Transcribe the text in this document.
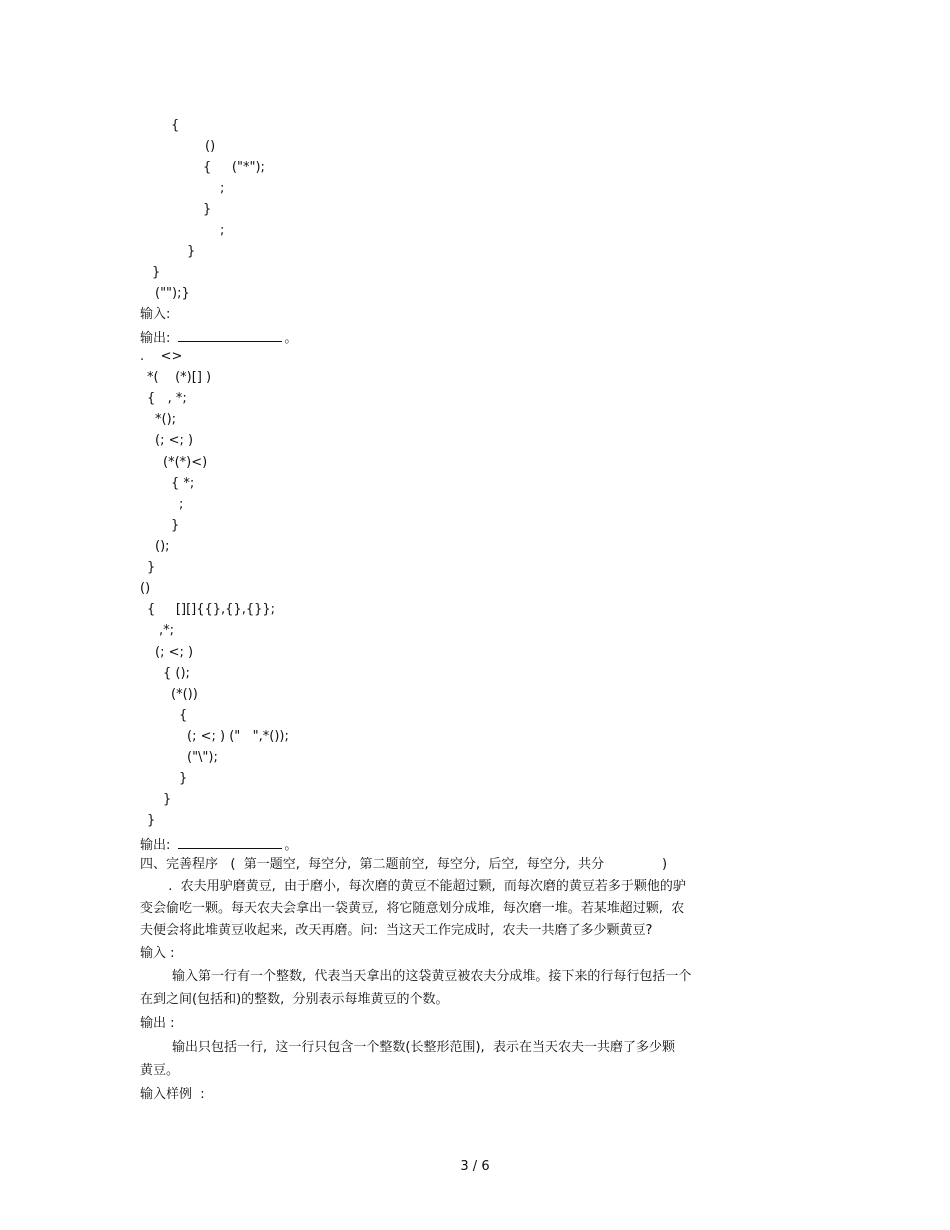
{
()
{     ("*");
;
}
;
}
}
("");}
输入:
输出:	。
.    <>
*(    (*)[] )
{   , *;
*();
(; <; )
(*(*)<)
{ *;
;
}
();
}
()
{     [][]{{},{},{}};
,*;
(; <; )
{ ();
(*())
{
(; <; ) ("   ",*());
("\");
}
}
}
输出:	。
四、完善程序   (  第一题空,  每空分,  第二题前空,  每空分,  后空,  每空分,  共分              )
.  农夫用驴磨黄豆,  由于磨小,  每次磨的黄豆不能超过颗,  而每次磨的黄豆若多于颗他的驴
变会偷吃一颗。每天农夫会拿出一袋黄豆,  将它随意划分成堆,  每次磨一堆。若某堆超过颗,  农
夫便会将此堆黄豆收起来,  改天再磨。问:  当这天工作完成时,  农夫一共磨了多少颗黄豆?
输入 :
输入第一行有一个整数,  代表当天拿出的这袋黄豆被农夫分成堆。接下来的行每行包括一个
在到之间(包括和)的整数,  分别表示每堆黄豆的个数。
输出 :
输出只包括一行,  这一行只包含一个整数(长整形范围),  表示在当天农夫一共磨了多少颗
黄豆。
输入样例  :
3 / 6
